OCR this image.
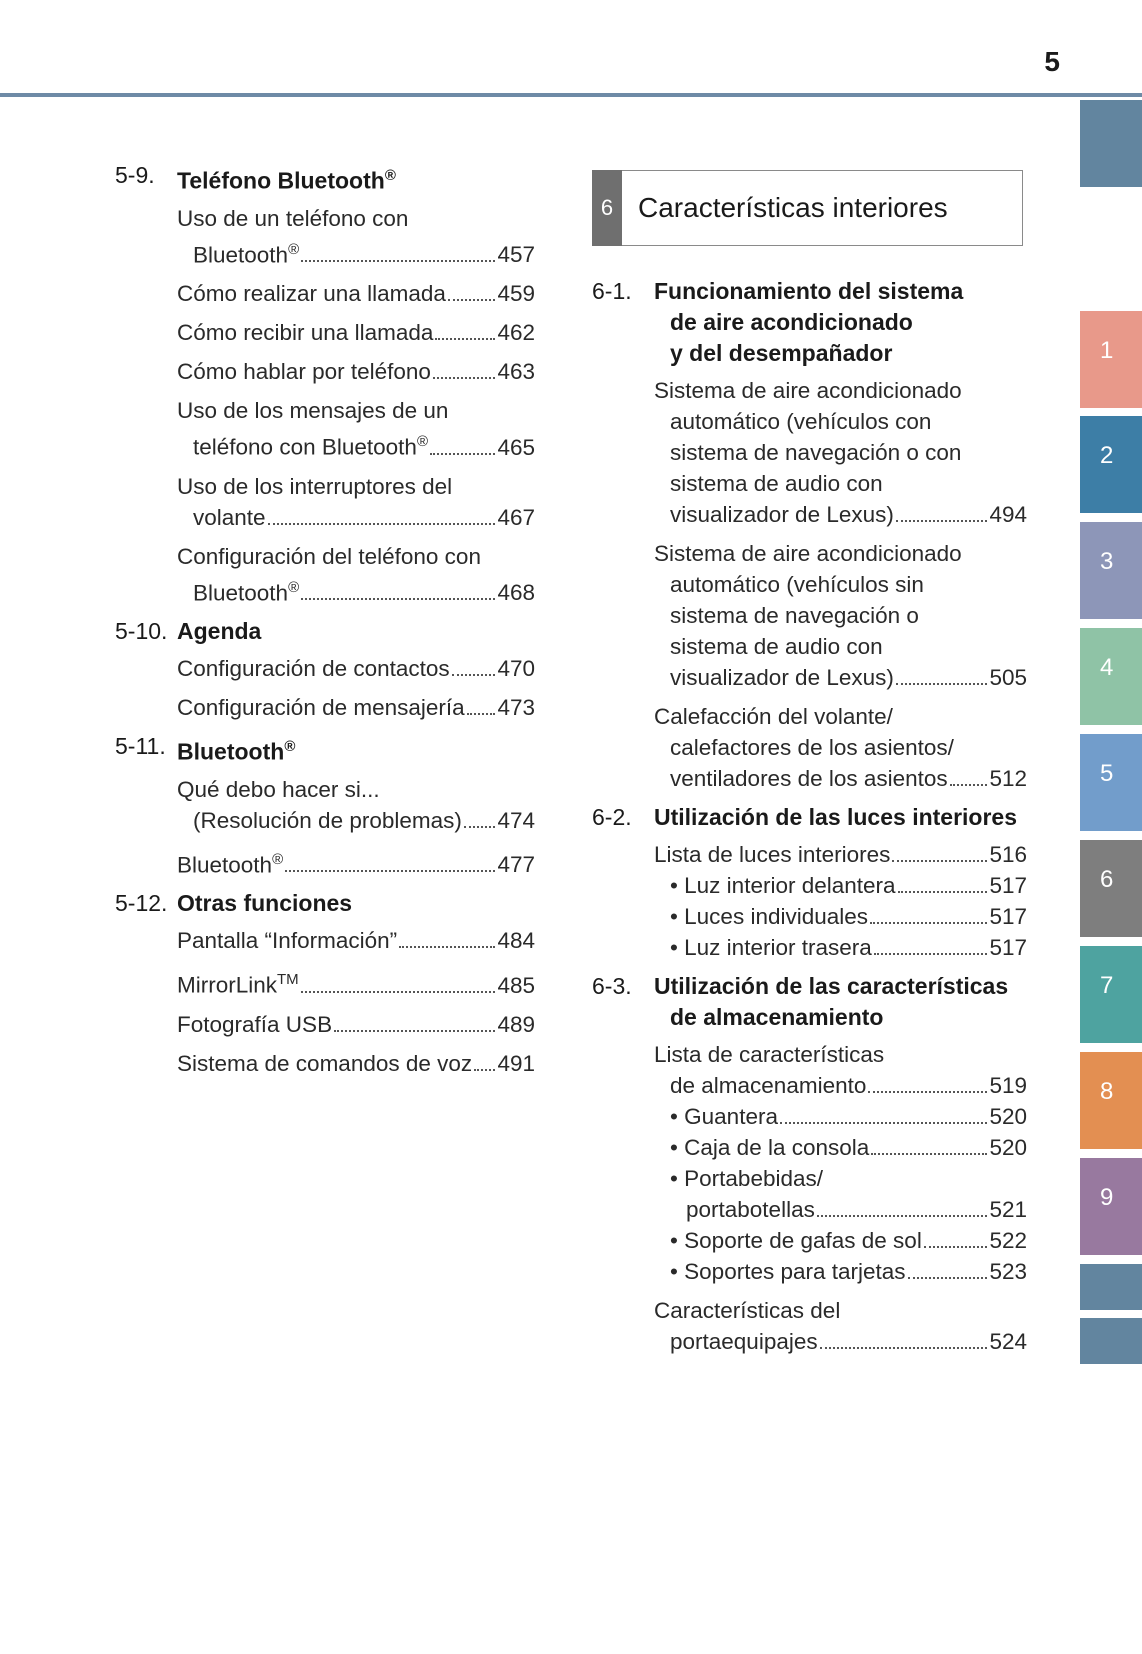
5
1
2
3
4
5
6
7
8
9
5-9. Teléfono Bluetooth®
Uso de un teléfono con
Bluetooth®	457
Cómo realizar una llamada 459
Cómo recibir una llamada	462
Cómo hablar por teléfono	463
Uso de los mensajes de un
teléfono con Bluetooth®	465
Uso de los interruptores del
volante	467
Configuración del teléfono con
Bluetooth®	468
5-10. Agenda
Configuración de contactos 470
Configuración de mensajería 473
5-11. Bluetooth®
Qué debo hacer si...
(Resolución de problemas) 474
Bluetooth®	477
5-12. Otras funciones
Pantalla “Información”	484
MirrorLink™	485
Fotografía USB	489
Sistema de comandos de voz 491
6 Características interiores
6-1. Funcionamiento del sistema
de aire acondicionado
y del desempañador
Sistema de aire acondicionado
automático (vehículos con
sistema de navegación o con
sistema de audio con
visualizador de Lexus)	494
Sistema de aire acondicionado
automático (vehículos sin
sistema de navegación o
sistema de audio con
visualizador de Lexus)	505
Calefacción del volante/
calefactores de los asientos/
ventiladores de los asientos 512
6-2. Utilización de las luces interiores
Lista de luces interiores	516
•
Luz interior delantera	517
•
Luces individuales	517
•
Luz interior trasera	517
6-3. Utilización de las características
de almacenamiento
Lista de características
de almacenamiento	519
•
Guantera	520
•
Caja de la consola	520
•
Portabebidas/
portabotellas	521
•
Soporte de gafas de sol	522
•
Soportes para tarjetas	523
Características del
portaequipajes	524
